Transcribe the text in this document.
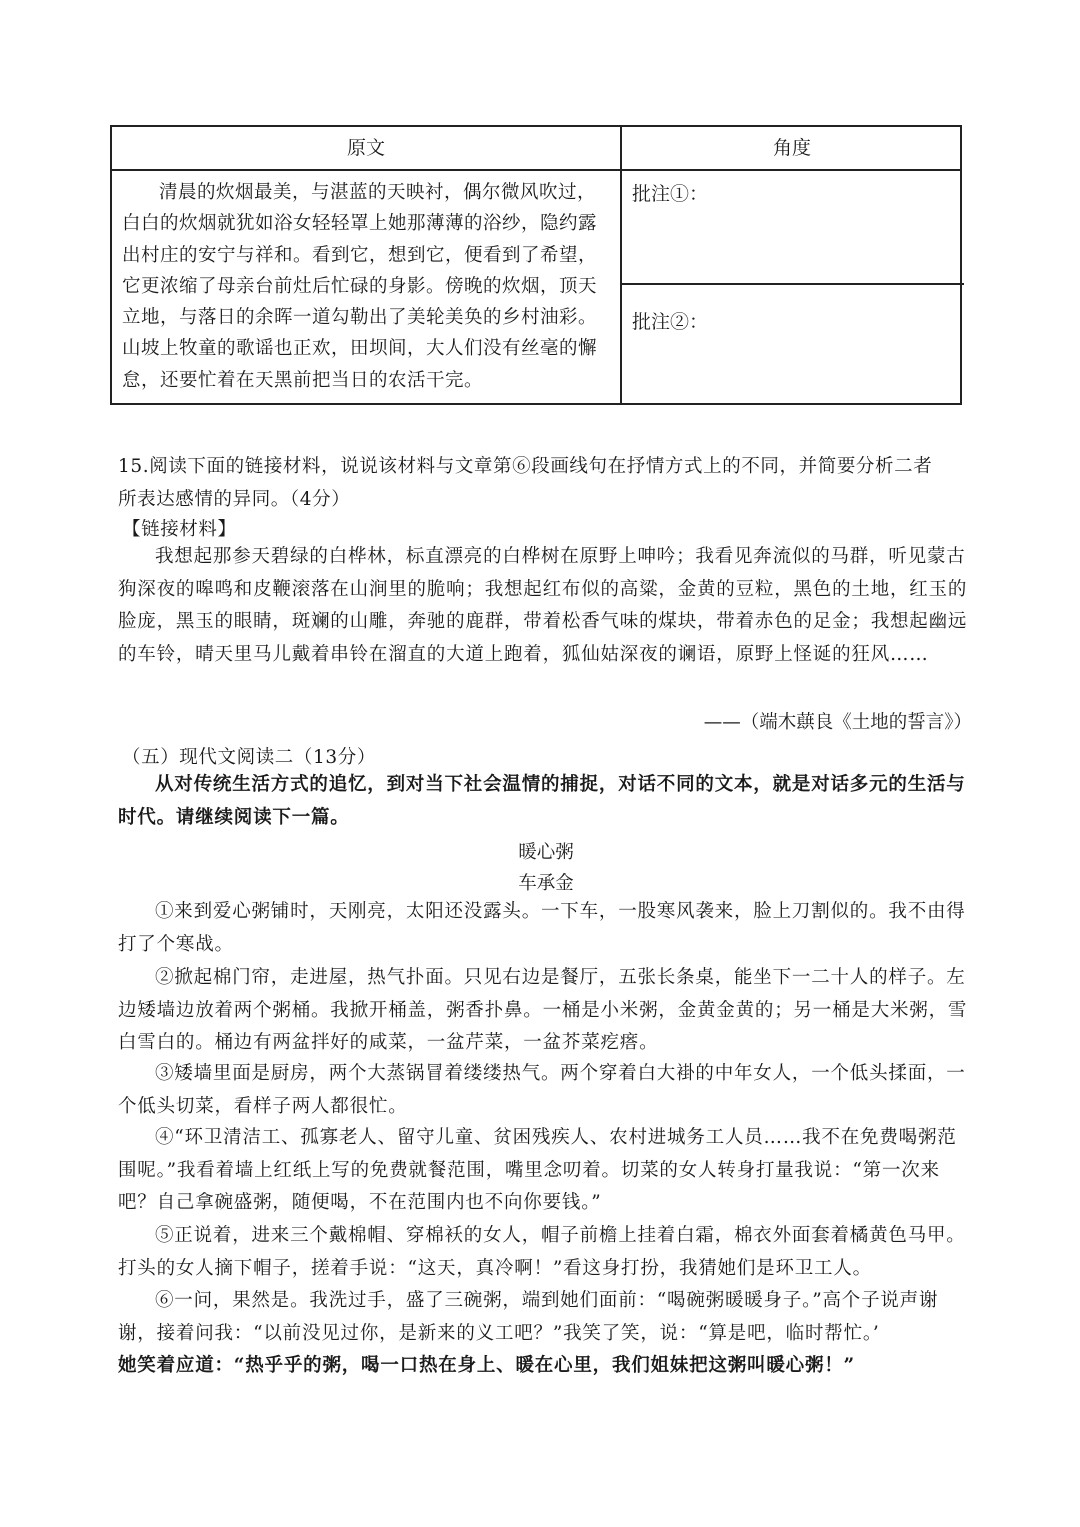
原文	角度
清晨的炊烟最美，与湛蓝的天映衬，偶尔微风吹过，白白的炊烟就犹如浴女轻轻罩上她那薄薄的浴纱，隐约露出村庄的安宁与祥和。看到它，想到它，便看到了希望，它更浓缩了母亲台前灶后忙碌的身影。傍晚的炊烟，顶天立地，与落日的余晖一道勾勒出了美轮美奂的乡村油彩。山坡上牧童的歌谣也正欢，田坝间，大人们没有丝毫的懈怠，还要忙着在天黑前把当日的农活干完。
批注①：
批注②：
15.阅读下面的链接材料，说说该材料与文章第⑥段画线句在抒情方式上的不同，并简要分析二者
所表达感情的异同。（4分）
【链接材料】
我想起那参天碧绿的白桦林，标直漂亮的白桦树在原野上呻吟；我看见奔流似的马群，听见蒙古狗深夜的嗥鸣和皮鞭滚落在山涧里的脆响；我想起红布似的高粱，金黄的豆粒，黑色的土地，红玉的脸庞，黑玉的眼睛，斑斓的山雕，奔驰的鹿群，带着松香气味的煤块，带着赤色的足金；我想起幽远的车铃，晴天里马儿戴着串铃在溜直的大道上跑着，狐仙姑深夜的谰语，原野上怪诞的狂风……
——（端木蕻良《土地的誓言》）
（五）现代文阅读二（13分）
从对传统生活方式的追忆，到对当下社会温情的捕捉，对话不同的文本，就是对话多元的生活与时代。请继续阅读下一篇。
暖心粥
车承金
①来到爱心粥铺时，天刚亮，太阳还没露头。一下车，一股寒风袭来，脸上刀割似的。我不由得打了个寒战。
②掀起棉门帘，走进屋，热气扑面。只见右边是餐厅，五张长条桌，能坐下一二十人的样子。左边矮墙边放着两个粥桶。我掀开桶盖，粥香扑鼻。一桶是小米粥，金黄金黄的；另一桶是大米粥，雪白雪白的。桶边有两盆拌好的咸菜，一盆芹菜，一盆芥菜疙瘩。
③矮墙里面是厨房，两个大蒸锅冒着缕缕热气。两个穿着白大褂的中年女人，一个低头揉面，一个低头切菜，看样子两人都很忙。
④“环卫清洁工、孤寡老人、留守儿童、贫困残疾人、农村进城务工人员……我不在免费喝粥范围呢。”我看着墙上红纸上写的免费就餐范围，嘴里念叨着。切菜的女人转身打量我说：“第一次来吧？自己拿碗盛粥，随便喝，不在范围内也不向你要钱。”
⑤正说着，进来三个戴棉帽、穿棉袄的女人，帽子前檐上挂着白霜，棉衣外面套着橘黄色马甲。打头的女人摘下帽子，搓着手说：“这天，真冷啊！”看这身打扮，我猜她们是环卫工人。
⑥一问，果然是。我洗过手，盛了三碗粥，端到她们面前：“喝碗粥暖暖身子。”高个子说声谢谢，接着问我：“以前没见过你，是新来的义工吧？”我笑了笑，说：“算是吧，临时帮忙。’
她笑着应道：“热乎乎的粥，喝一口热在身上、暖在心里，我们姐妹把这粥叫暖心粥！”
